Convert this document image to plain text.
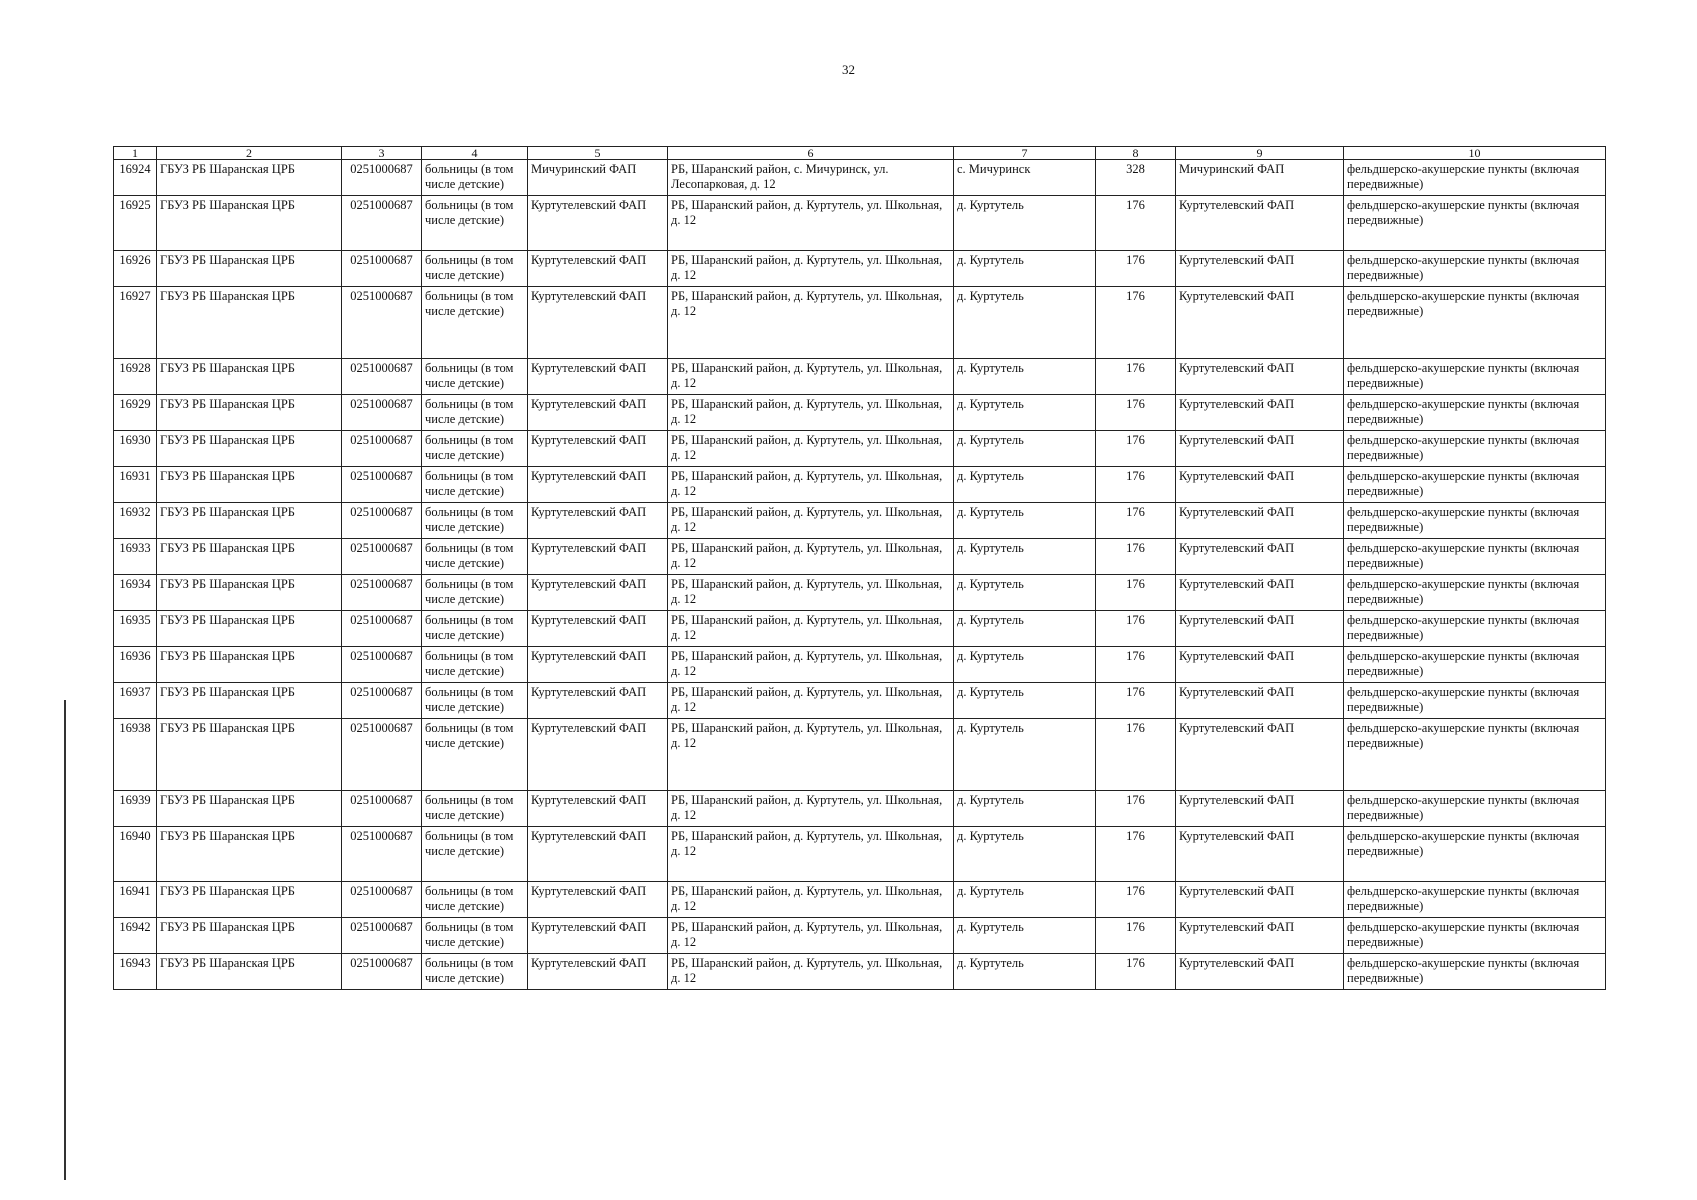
32
1	2	3	4	5	6	7	8	9	10
16924	ГБУЗ РБ Шаранская ЦРБ	0251000687	больницы (в том числе детские)	Мичуринский ФАП	РБ, Шаранский район, с. Мичуринск, ул. Лесопарковая, д. 12	с. Мичуринск	328	Мичуринский ФАП	фельдшерско-акушерские пункты (включая передвижные)
16925	ГБУЗ РБ Шаранская ЦРБ	0251000687	больницы (в том числе детские)	Куртутелевский ФАП	РБ, Шаранский район, д. Куртутель, ул. Школьная, д. 12	д. Куртутель	176	Куртутелевский ФАП	фельдшерско-акушерские пункты (включая передвижные)
16926	ГБУЗ РБ Шаранская ЦРБ	0251000687	больницы (в том числе детские)	Куртутелевский ФАП	РБ, Шаранский район, д. Куртутель, ул. Школьная, д. 12	д. Куртутель	176	Куртутелевский ФАП	фельдшерско-акушерские пункты (включая передвижные)
16927	ГБУЗ РБ Шаранская ЦРБ	0251000687	больницы (в том числе детские)	Куртутелевский ФАП	РБ, Шаранский район, д. Куртутель, ул. Школьная, д. 12	д. Куртутель	176	Куртутелевский ФАП	фельдшерско-акушерские пункты (включая передвижные)
16928	ГБУЗ РБ Шаранская ЦРБ	0251000687	больницы (в том числе детские)	Куртутелевский ФАП	РБ, Шаранский район, д. Куртутель, ул. Школьная, д. 12	д. Куртутель	176	Куртутелевский ФАП	фельдшерско-акушерские пункты (включая передвижные)
16929	ГБУЗ РБ Шаранская ЦРБ	0251000687	больницы (в том числе детские)	Куртутелевский ФАП	РБ, Шаранский район, д. Куртутель, ул. Школьная, д. 12	д. Куртутель	176	Куртутелевский ФАП	фельдшерско-акушерские пункты (включая передвижные)
16930	ГБУЗ РБ Шаранская ЦРБ	0251000687	больницы (в том числе детские)	Куртутелевский ФАП	РБ, Шаранский район, д. Куртутель, ул. Школьная, д. 12	д. Куртутель	176	Куртутелевский ФАП	фельдшерско-акушерские пункты (включая передвижные)
16931	ГБУЗ РБ Шаранская ЦРБ	0251000687	больницы (в том числе детские)	Куртутелевский ФАП	РБ, Шаранский район, д. Куртутель, ул. Школьная, д. 12	д. Куртутель	176	Куртутелевский ФАП	фельдшерско-акушерские пункты (включая передвижные)
16932	ГБУЗ РБ Шаранская ЦРБ	0251000687	больницы (в том числе детские)	Куртутелевский ФАП	РБ, Шаранский район, д. Куртутель, ул. Школьная, д. 12	д. Куртутель	176	Куртутелевский ФАП	фельдшерско-акушерские пункты (включая передвижные)
16933	ГБУЗ РБ Шаранская ЦРБ	0251000687	больницы (в том числе детские)	Куртутелевский ФАП	РБ, Шаранский район, д. Куртутель, ул. Школьная, д. 12	д. Куртутель	176	Куртутелевский ФАП	фельдшерско-акушерские пункты (включая передвижные)
16934	ГБУЗ РБ Шаранская ЦРБ	0251000687	больницы (в том числе детские)	Куртутелевский ФАП	РБ, Шаранский район, д. Куртутель, ул. Школьная, д. 12	д. Куртутель	176	Куртутелевский ФАП	фельдшерско-акушерские пункты (включая передвижные)
16935	ГБУЗ РБ Шаранская ЦРБ	0251000687	больницы (в том числе детские)	Куртутелевский ФАП	РБ, Шаранский район, д. Куртутель, ул. Школьная, д. 12	д. Куртутель	176	Куртутелевский ФАП	фельдшерско-акушерские пункты (включая передвижные)
16936	ГБУЗ РБ Шаранская ЦРБ	0251000687	больницы (в том числе детские)	Куртутелевский ФАП	РБ, Шаранский район, д. Куртутель, ул. Школьная, д. 12	д. Куртутель	176	Куртутелевский ФАП	фельдшерско-акушерские пункты (включая передвижные)
16937	ГБУЗ РБ Шаранская ЦРБ	0251000687	больницы (в том числе детские)	Куртутелевский ФАП	РБ, Шаранский район, д. Куртутель, ул. Школьная, д. 12	д. Куртутель	176	Куртутелевский ФАП	фельдшерско-акушерские пункты (включая передвижные)
16938	ГБУЗ РБ Шаранская ЦРБ	0251000687	больницы (в том числе детские)	Куртутелевский ФАП	РБ, Шаранский район, д. Куртутель, ул. Школьная, д. 12	д. Куртутель	176	Куртутелевский ФАП	фельдшерско-акушерские пункты (включая передвижные)
16939	ГБУЗ РБ Шаранская ЦРБ	0251000687	больницы (в том числе детские)	Куртутелевский ФАП	РБ, Шаранский район, д. Куртутель, ул. Школьная, д. 12	д. Куртутель	176	Куртутелевский ФАП	фельдшерско-акушерские пункты (включая передвижные)
16940	ГБУЗ РБ Шаранская ЦРБ	0251000687	больницы (в том числе детские)	Куртутелевский ФАП	РБ, Шаранский район, д. Куртутель, ул. Школьная, д. 12	д. Куртутель	176	Куртутелевский ФАП	фельдшерско-акушерские пункты (включая передвижные)
16941	ГБУЗ РБ Шаранская ЦРБ	0251000687	больницы (в том числе детские)	Куртутелевский ФАП	РБ, Шаранский район, д. Куртутель, ул. Школьная, д. 12	д. Куртутель	176	Куртутелевский ФАП	фельдшерско-акушерские пункты (включая передвижные)
16942	ГБУЗ РБ Шаранская ЦРБ	0251000687	больницы (в том числе детские)	Куртутелевский ФАП	РБ, Шаранский район, д. Куртутель, ул. Школьная, д. 12	д. Куртутель	176	Куртутелевский ФАП	фельдшерско-акушерские пункты (включая передвижные)
16943	ГБУЗ РБ Шаранская ЦРБ	0251000687	больницы (в том числе детские)	Куртутелевский ФАП	РБ, Шаранский район, д. Куртутель, ул. Школьная, д. 12	д. Куртутель	176	Куртутелевский ФАП	фельдшерско-акушерские пункты (включая передвижные)
